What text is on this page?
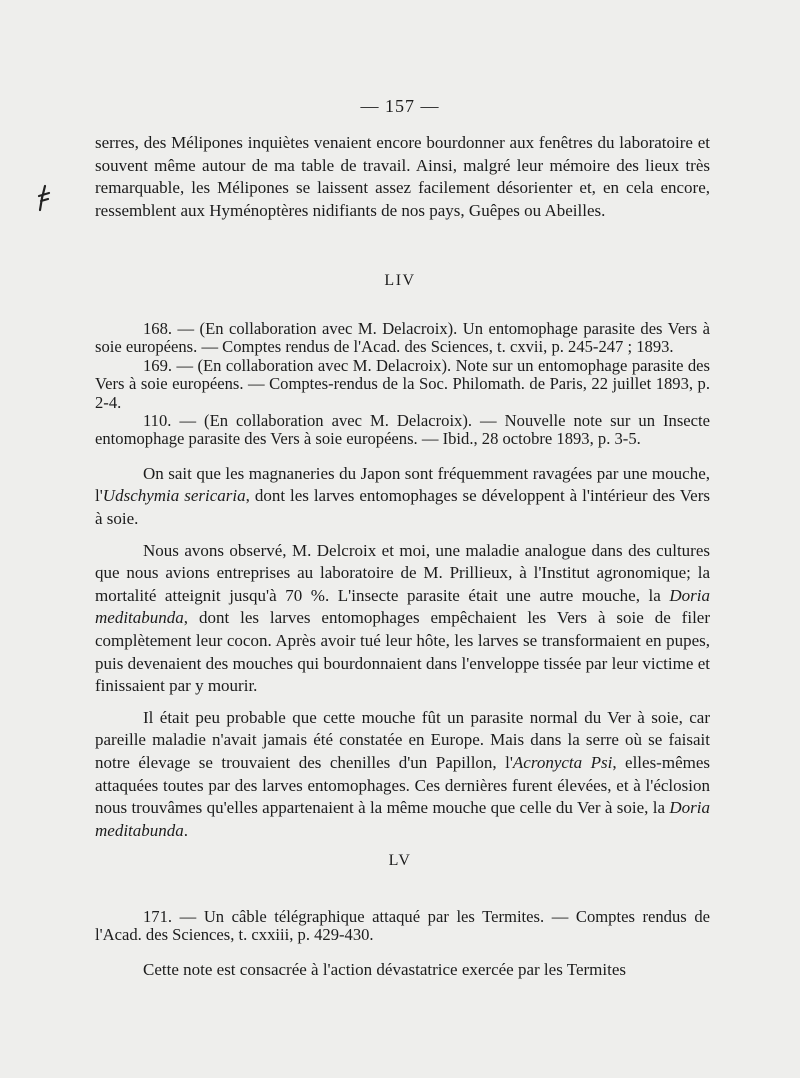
— 157 —

serres, des Mélipones inquiètes venaient encore bourdonner aux fenêtres du laboratoire et souvent même autour de ma table de travail. Ainsi, malgré leur mémoire des lieux très remarquable, les Mélipones se laissent assez facilement désorienter et, en cela encore, ressemblent aux Hyménoptères nidifiants de nos pays, Guêpes ou Abeilles.

LIV

168. — (En collaboration avec M. Delacroix). Un entomophage parasite des Vers à soie européens. — Comptes rendus de l'Acad. des Sciences, t. cxvii, p. 245-247 ; 1893.

169. — (En collaboration avec M. Delacroix). Note sur un entomophage parasite des Vers à soie européens. — Comptes-rendus de la Soc. Philomath. de Paris, 22 juillet 1893, p. 2-4.

110. — (En collaboration avec M. Delacroix). — Nouvelle note sur un Insecte entomophage parasite des Vers à soie européens. — Ibid., 28 octobre 1893, p. 3-5.

On sait que les magnaneries du Japon sont fréquemment ravagées par une mouche, l'Udschymia sericaria, dont les larves entomophages se développent à l'intérieur des Vers à soie.

Nous avons observé, M. Delcroix et moi, une maladie analogue dans des cultures que nous avions entreprises au laboratoire de M. Prillieux, à l'Institut agronomique; la mortalité atteignit jusqu'à 70 %. L'insecte parasite était une autre mouche, la Doria meditabunda, dont les larves entomophages empêchaient les Vers à soie de filer complètement leur cocon. Après avoir tué leur hôte, les larves se transformaient en pupes, puis devenaient des mouches qui bourdonnaient dans l'enveloppe tissée par leur victime et finissaient par y mourir.

Il était peu probable que cette mouche fût un parasite normal du Ver à soie, car pareille maladie n'avait jamais été constatée en Europe. Mais dans la serre où se faisait notre élevage se trouvaient des chenilles d'un Papillon, l'Acronycta Psi, elles-mêmes attaquées toutes par des larves entomophages. Ces dernières furent élevées, et à l'éclosion nous trouvâmes qu'elles appartenaient à la même mouche que celle du Ver à soie, la Doria meditabunda.

LV

171. — Un câble télégraphique attaqué par les Termites. — Comptes rendus de l'Acad. des Sciences, t. cxxiii, p. 429-430.

Cette note est consacrée à l'action dévastatrice exercée par les Termites
